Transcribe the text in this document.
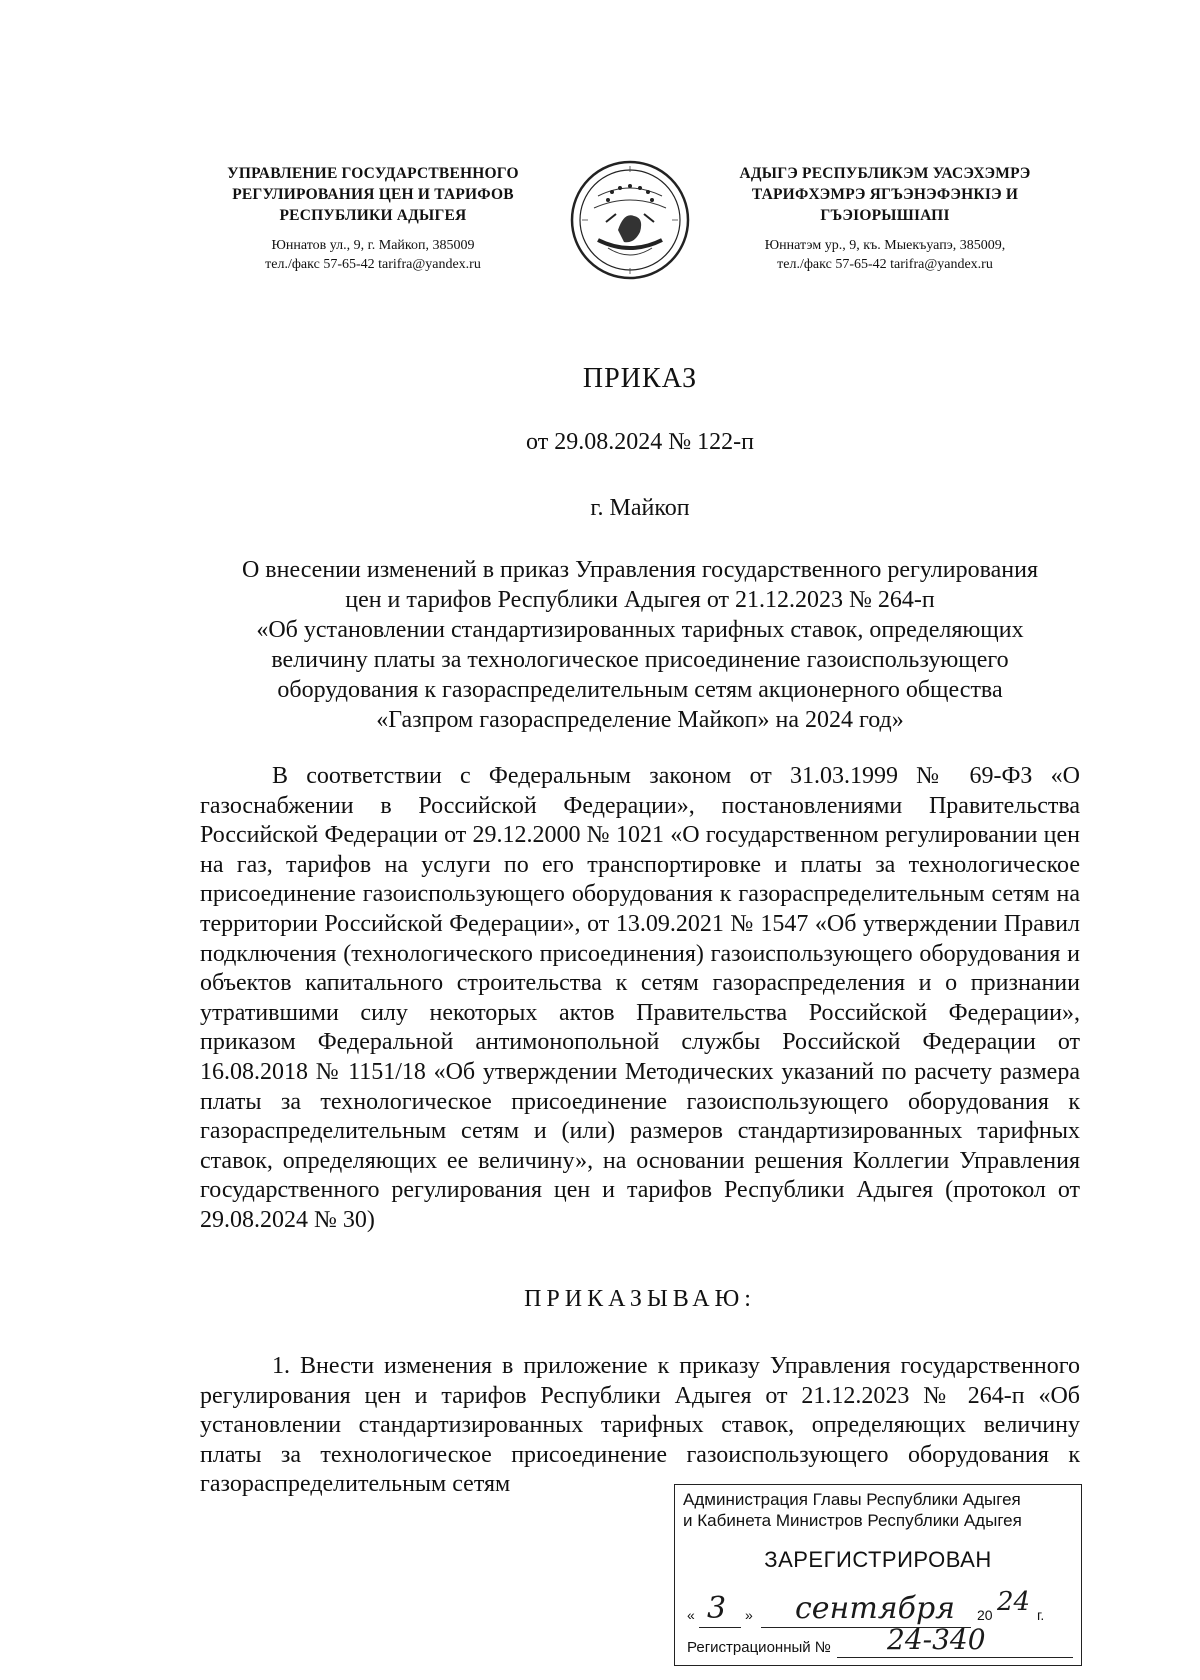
УПРАВЛЕНИЕ ГОСУДАРСТВЕННОГО
РЕГУЛИРОВАНИЯ ЦЕН И ТАРИФОВ
РЕСПУБЛИКИ АДЫГЕЯ
Юннатов ул., 9, г. Майкоп, 385009
тел./факс 57-65-42 tarifra@yandex.ru
АДЫГЭ РЕСПУБЛИКЭМ УАСЭХЭМРЭ
ТАРИФХЭМРЭ ЯГЪЭНЭФЭНКІЭ И
ГЪЭІОРЫШІАПІ
Юннатэм ур., 9, къ. Мыекъуапэ, 385009,
тел./факс 57-65-42 tarifra@yandex.ru
ПРИКАЗ
от 29.08.2024 № 122-п
г. Майкоп
О внесении изменений в приказ Управления государственного регулирования
цен и тарифов Республики Адыгея от 21.12.2023 № 264-п
«Об установлении стандартизированных тарифных ставок, определяющих
величину платы за технологическое присоединение газоиспользующего
оборудования к газораспределительным сетям акционерного общества
«Газпром газораспределение Майкоп» на 2024 год»
В соответствии с Федеральным законом от 31.03.1999 № 69-ФЗ «О газоснабжении в Российской Федерации», постановлениями Правительства Российской Федерации от 29.12.2000 № 1021 «О государственном регулировании цен на газ, тарифов на услуги по его транспортировке и платы за технологическое присоединение газоиспользующего оборудования к газораспределительным сетям на территории Российской Федерации», от 13.09.2021 № 1547 «Об утверждении Правил подключения (технологического присоединения) газоиспользующего оборудования и объектов капитального строительства к сетям газораспределения и о признании утратившими силу некоторых актов Правительства Российской Федерации», приказом Федеральной антимонопольной службы Российской Федерации от 16.08.2018 № 1151/18 «Об утверждении Методических указаний по расчету размера платы за технологическое присоединение газоиспользующего оборудования к газораспределительным сетям и (или) размеров стандартизированных тарифных ставок, определяющих ее величину», на основании решения Коллегии Управления государственного регулирования цен и тарифов Республики Адыгея (протокол от 29.08.2024 № 30)
ПРИКАЗЫВАЮ:
1. Внести изменения в приложение к приказу Управления государственного регулирования цен и тарифов Республики Адыгея от 21.12.2023 № 264-п «Об установлении стандартизированных тарифных ставок, определяющих величину платы за технологическое присоединение газоиспользующего оборудования к газораспределительным сетям
Администрация Главы Республики Адыгея
и Кабинета Министров Республики Адыгея
ЗАРЕГИСТРИРОВАН
« 3 » сентября 20 24 г.
Регистрационный № 24-340
